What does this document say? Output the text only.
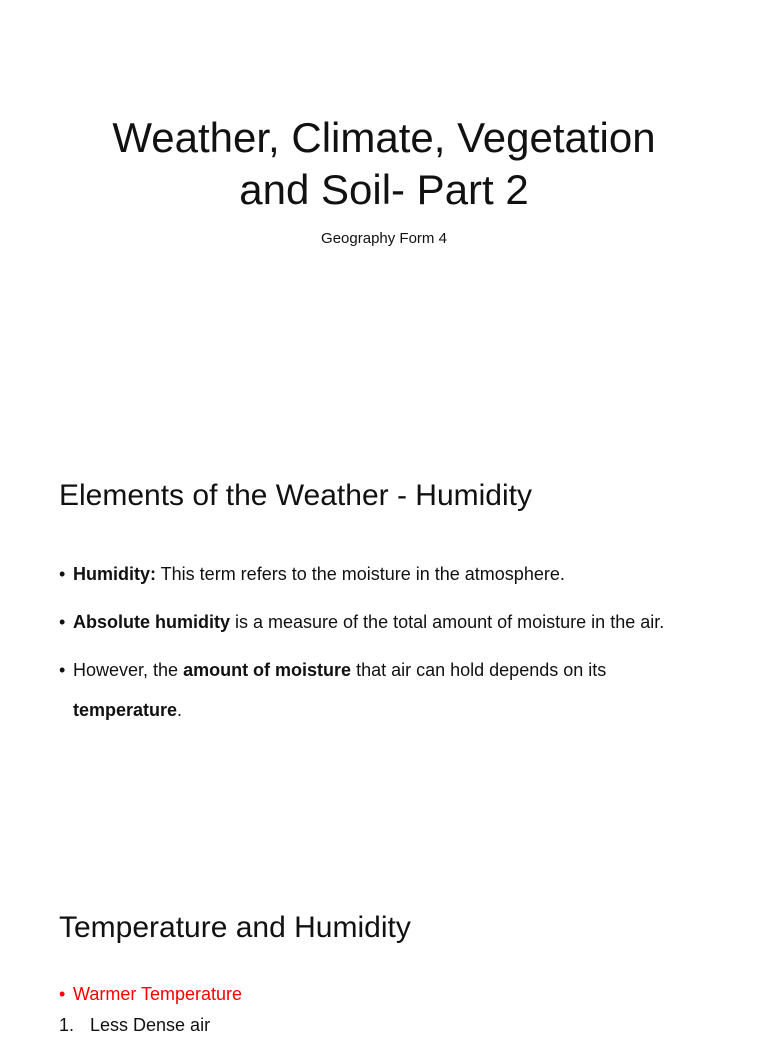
Weather, Climate, Vegetation
and Soil- Part 2

Geography Form 4

Elements of the Weather - Humidity
• Humidity: This term refers to the moisture in the atmosphere.
• Absolute humidity is a measure of the total amount of moisture in the air.
• However, the amount of moisture that air can hold depends on its temperature.
Temperature and Humidity
• Warmer Temperature

1. Less Dense air
